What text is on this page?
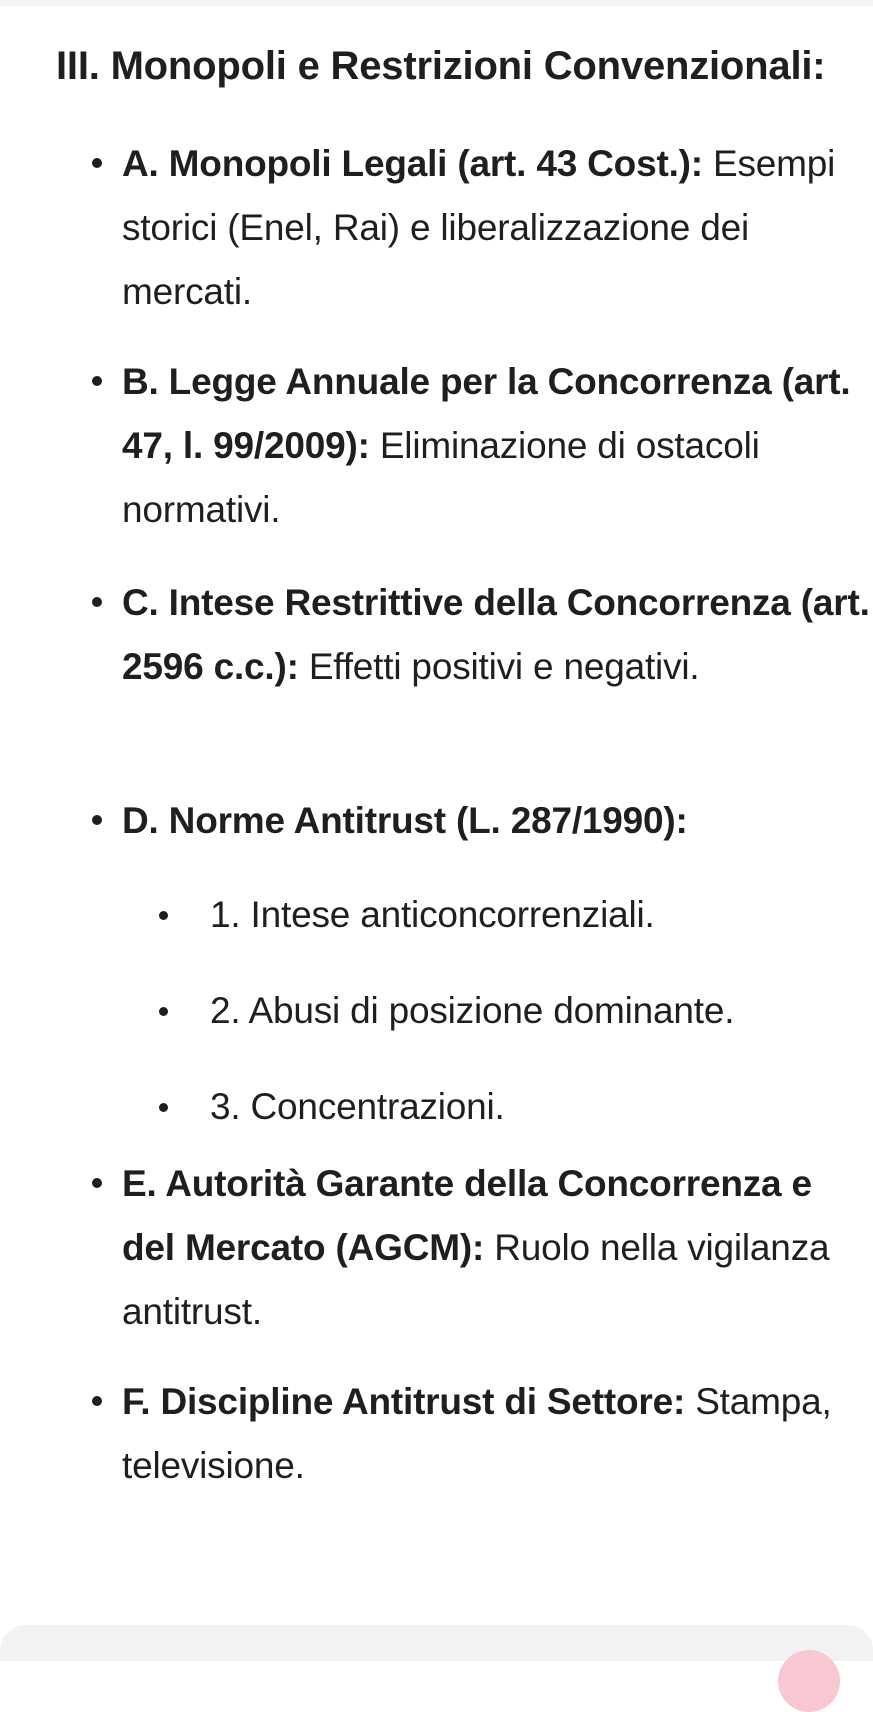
III. Monopoli e Restrizioni Convenzionali:
A. Monopoli Legali (art. 43 Cost.): Esempi storici (Enel, Rai) e liberalizzazione dei mercati.
B. Legge Annuale per la Concorrenza (art. 47, l. 99/2009): Eliminazione di ostacoli normativi.
C. Intese Restrittive della Concorrenza (art. 2596 c.c.): Effetti positivi e negativi.
D. Norme Antitrust (L. 287/1990):
1. Intese anticoncorrenziali.
2. Abusi di posizione dominante.
3. Concentrazioni.
E. Autorità Garante della Concorrenza e del Mercato (AGCM): Ruolo nella vigilanza antitrust.
F. Discipline Antitrust di Settore: Stampa, televisione.
